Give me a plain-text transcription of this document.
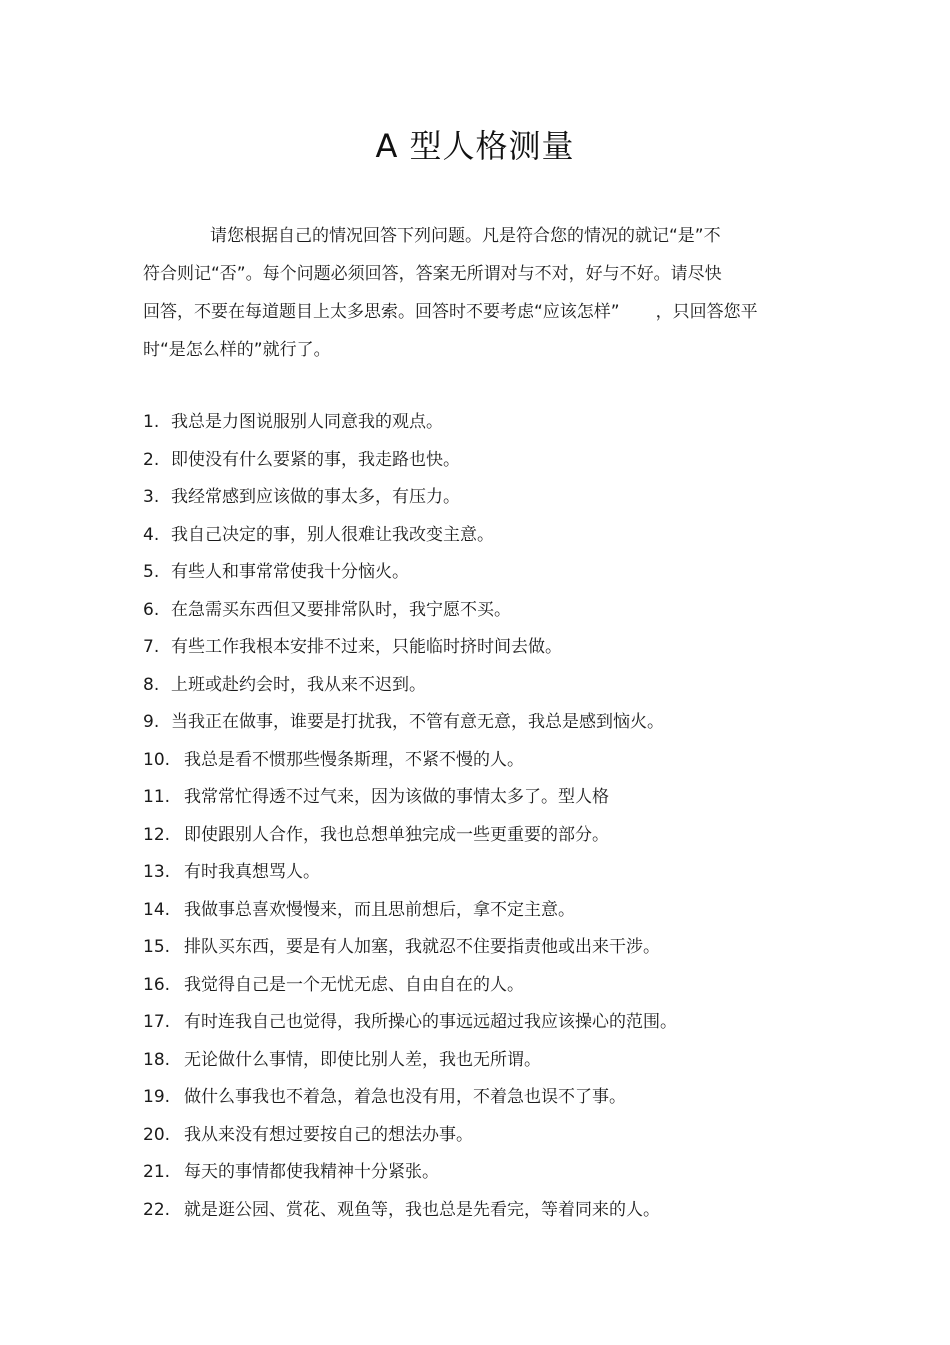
A 型人格测量
请您根据自己的情况回答下列问题。凡是符合您的情况的就记“是”不
符合则记“否”。每个问题必须回答，答案无所谓对与不对，好与不好。请尽快
回答，不要在每道题目上太多思索。回答时不要考虑“应该怎样” ，只回答您平
时“是怎么样的”就行了。
1. 我总是力图说服别人同意我的观点。
2. 即使没有什么要紧的事，我走路也快。
3. 我经常感到应该做的事太多，有压力。
4. 我自己决定的事，别人很难让我改变主意。
5. 有些人和事常常使我十分恼火。
6. 在急需买东西但又要排常队时，我宁愿不买。
7. 有些工作我根本安排不过来，只能临时挤时间去做。
8. 上班或赴约会时，我从来不迟到。
9. 当我正在做事，谁要是打扰我，不管有意无意，我总是感到恼火。
10. 我总是看不惯那些慢条斯理，不紧不慢的人。
11. 我常常忙得透不过气来，因为该做的事情太多了。型人格
12. 即使跟别人合作，我也总想单独完成一些更重要的部分。
13. 有时我真想骂人。
14. 我做事总喜欢慢慢来，而且思前想后，拿不定主意。
15. 排队买东西，要是有人加塞，我就忍不住要指责他或出来干涉。
16. 我觉得自己是一个无忧无虑、自由自在的人。
17. 有时连我自己也觉得，我所操心的事远远超过我应该操心的范围。
18. 无论做什么事情，即使比别人差，我也无所谓。
19. 做什么事我也不着急，着急也没有用，不着急也误不了事。
20. 我从来没有想过要按自己的想法办事。
21. 每天的事情都使我精神十分紧张。
22. 就是逛公园、赏花、观鱼等，我也总是先看完，等着同来的人。
